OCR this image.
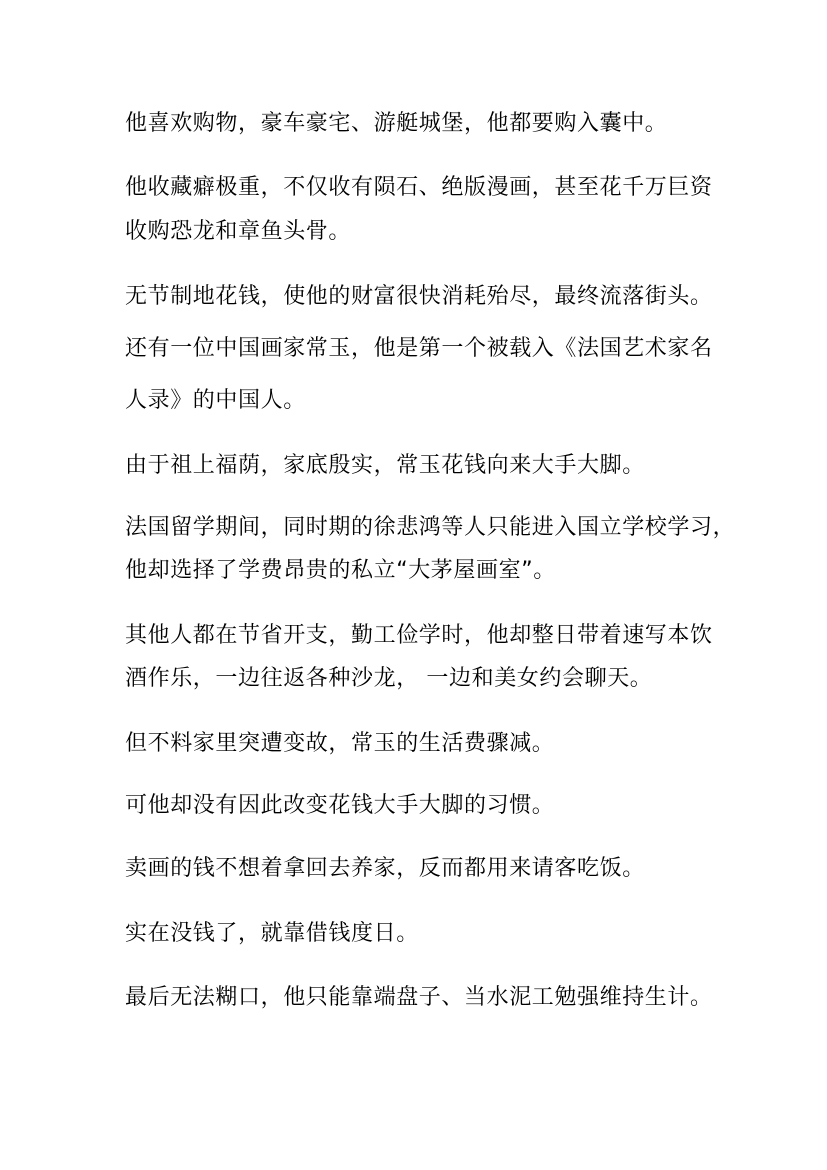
他喜欢购物，豪车豪宅、游艇城堡，他都要购入囊中。
他收藏癖极重，不仅收有陨石、绝版漫画，甚至花千万巨资
收购恐龙和章鱼头骨。
无节制地花钱，使他的财富很快消耗殆尽，最终流落街头。
还有一位中国画家常玉，他是第一个被载入《法国艺术家名
人录》的中国人。
由于祖上福荫，家底殷实，常玉花钱向来大手大脚。
法国留学期间，同时期的徐悲鸿等人只能进入国立学校学习，
他却选择了学费昂贵的私立“大茅屋画室”。
其他人都在节省开支，勤工俭学时，他却整日带着速写本饮
酒作乐，一边往返各种沙龙， 一边和美女约会聊天。
但不料家里突遭变故，常玉的生活费骤减。
可他却没有因此改变花钱大手大脚的习惯。
卖画的钱不想着拿回去养家，反而都用来请客吃饭。
实在没钱了，就靠借钱度日。
最后无法糊口，他只能靠端盘子、当水泥工勉强维持生计。
